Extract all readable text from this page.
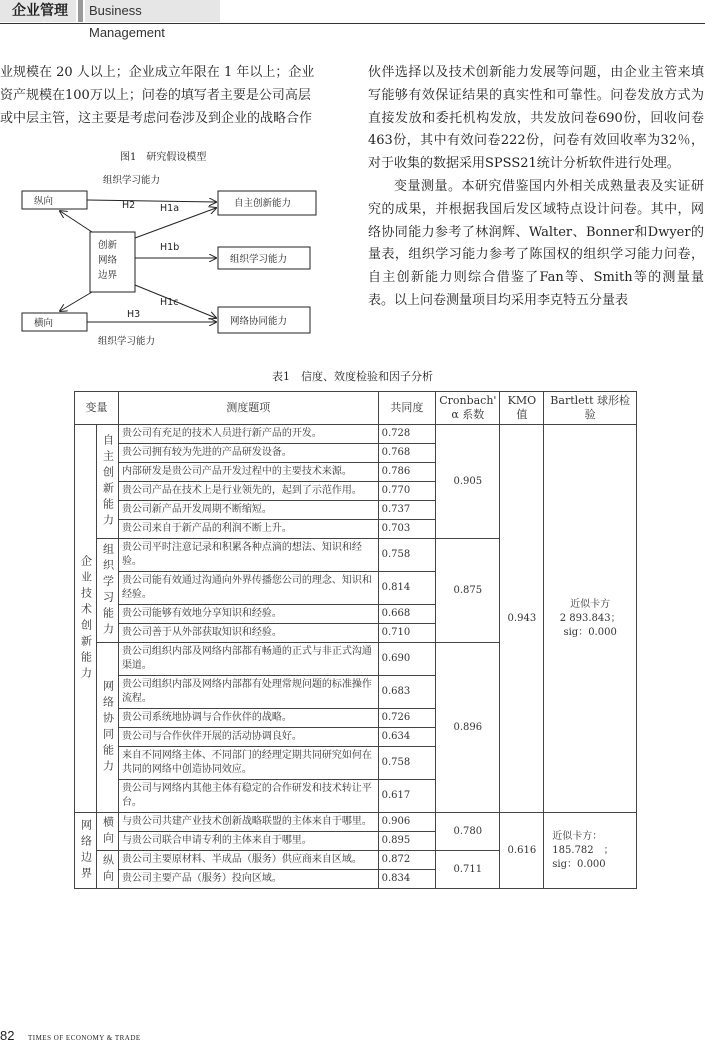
企业管理	Business Management

业规模在 20 人以上；企业成立年限在 1 年以上；企业

资产规模在100万以上；问卷的填写者主要是公司高层

或中层主管，这主要是考虑问卷涉及到企业的战略合作

伙伴选择以及技术创新能力发展等问题，由企业主管来填写能够有效保证结果的真实性和可靠性。问卷发放方式为直接发放和委托机构发放，共发放问卷690份，回收问卷463份，其中有效问卷222份，问卷有效回收率为32％，对于收集的数据采用SPSS21统计分析软件进行处理。

变量测量。本研究借鉴国内外相关成熟量表及实证研究的成果，并根据我国后发区域特点设计问卷。其中，网络协同能力参考了林润辉、Walter、Bonner和Dwyer的量表，组织学习能力参考了陈国权的组织学习能力问卷，自主创新能力则综合借鉴了Fan等、Smith等的测量量表。以上问卷测量项目均采用李克特五分量表

图1　研究假设模型
纵向
横向
创新
网络
边界
自主创新能力
组织学习能力
网络协同能力
组织学习能力
组织学习能力
H2	H1a
H1b
H1c
H3
表1　信度、效度检验和因子分析
变量		测度题项	共同度	Cronbach' α 系数	KMO 值	Bartlett 球形检验
企业技术创新能力	自主创新能力	贵公司有充足的技术人员进行新产品的开发。	0.728	0.905	0.943	近似卡方
2 893.843；
sig：0.000

		贵公司拥有较为先进的产品研发设备。	0.768			
		内部研发是贵公司产品开发过程中的主要技术来源。	0.786			
		贵公司产品在技术上是行业领先的，起到了示范作用。	0.770			
		贵公司新产品开发周期不断缩短。	0.737			
		贵公司来自于新产品的利润不断上升。	0.703			
	组织学习能力	贵公司平时注意记录和积累各种点滴的想法、知识和经验。	0.758	0.875		
		贵公司能有效通过沟通向外界传播您公司的理念、知识和经验。	0.814			
		贵公司能够有效地分享知识和经验。	0.668			
		贵公司善于从外部获取知识和经验。	0.710			
	网络协同能力	贵公司组织内部及网络内部都有畅通的正式与非正式沟通渠道。	0.690	0.896		
		贵公司组织内部及网络内部都有处理常规问题的标准操作流程。	0.683			
		贵公司系统地协调与合作伙伴的战略。	0.726			
		贵公司与合作伙伴开展的活动协调良好。	0.634			
		来自不同网络主体、不同部门的经理定期共同研究如何在共同的网络中创造协同效应。	0.758			
		贵公司与网络内其他主体有稳定的合作研发和技术转让平台。	0.617			
网络边界	横向	与贵公司共建产业技术创新战略联盟的主体来自于哪里。	0.906	0.780	0.616	近似卡方：
185.782　；
sig：0.000

		与贵公司联合申请专利的主体来自于哪里。	0.895			
	纵向	贵公司主要原材料、半成品（服务）供应商来自区域。	0.872	0.711		
		贵公司主要产品（服务）投向区域。	0.834			
82 TIMES OF ECONOMY & TRADE
